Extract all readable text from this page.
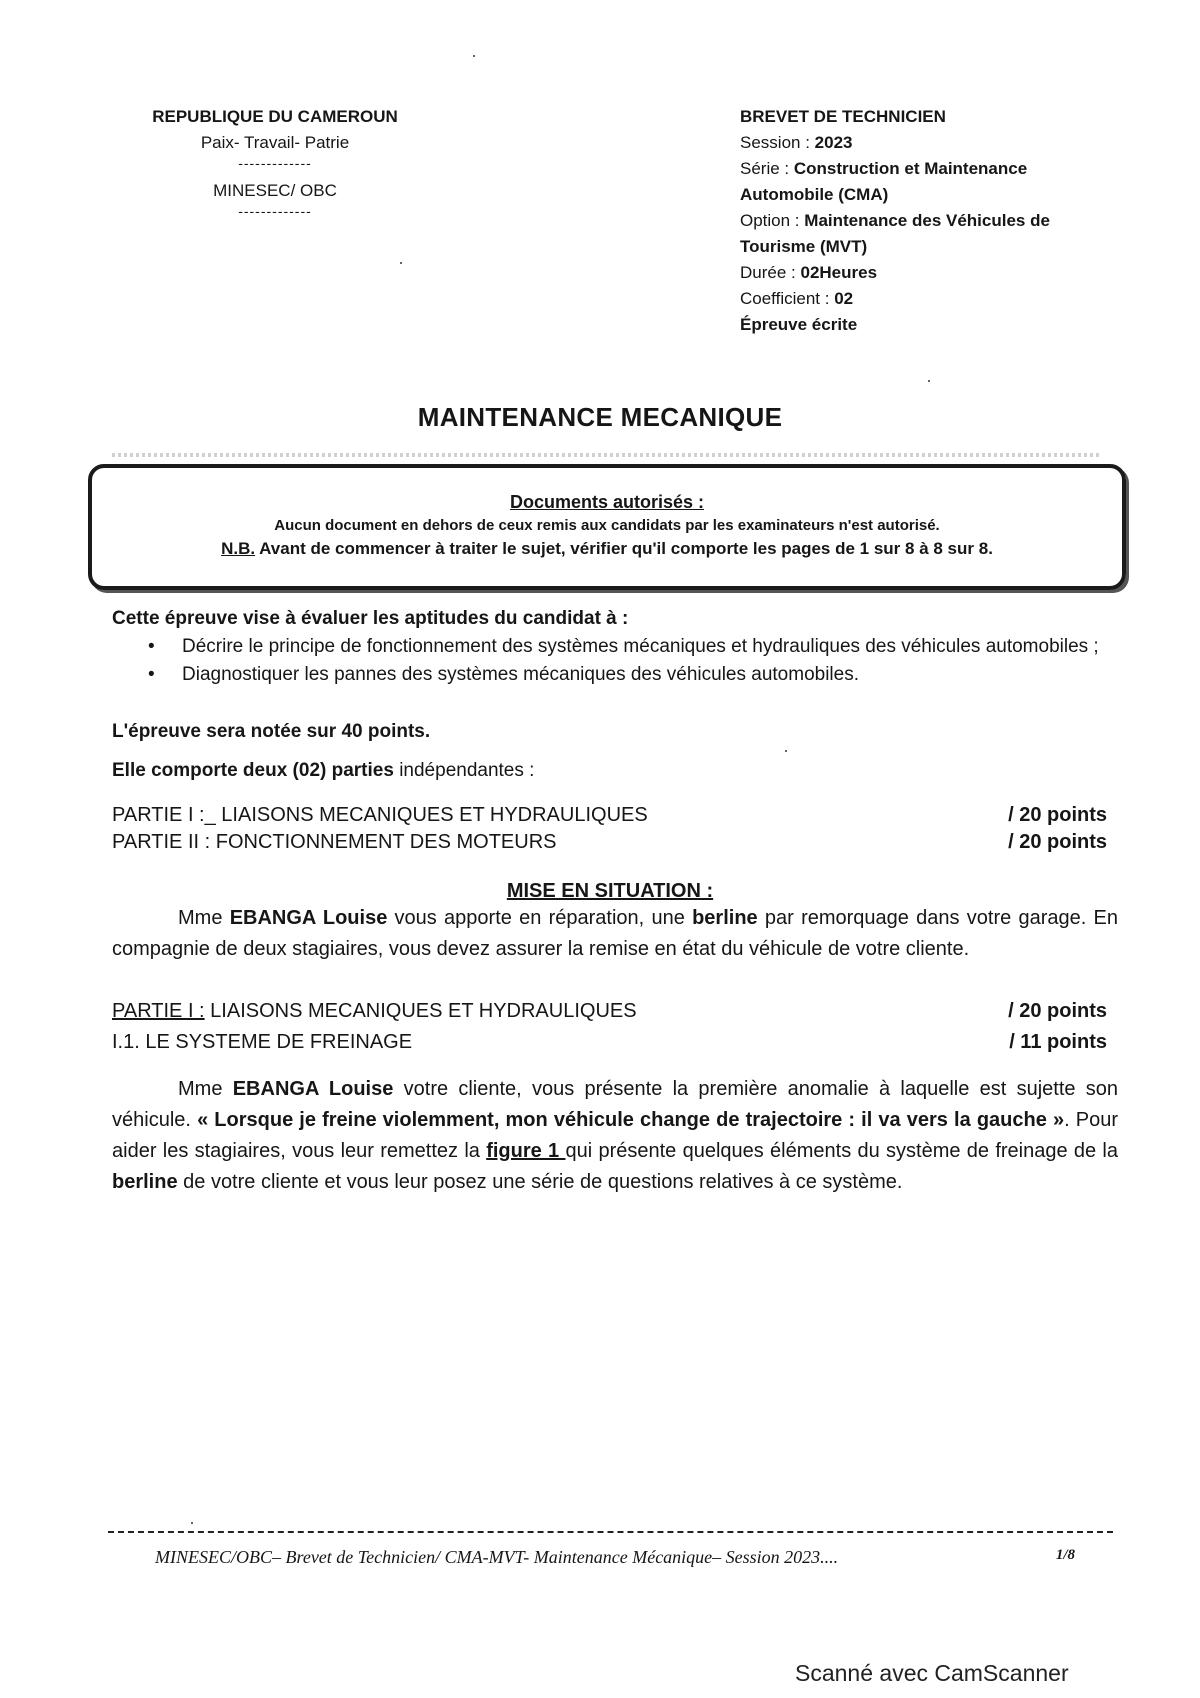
REPUBLIQUE DU CAMEROUN
Paix- Travail- Patrie
-------------
MINESEC/ OBC
-------------
BREVET DE TECHNICIEN
Session : 2023
Série : Construction et Maintenance Automobile (CMA)
Option : Maintenance des Véhicules de Tourisme (MVT)
Durée : 02Heures
Coefficient : 02
Épreuve écrite
MAINTENANCE MECANIQUE
Documents autorisés :
Aucun document en dehors de ceux remis aux candidats par les examinateurs n'est autorisé.
N.B. Avant de commencer à traiter le sujet, vérifier qu'il comporte les pages de 1 sur 8 à 8 sur 8.
Cette épreuve vise à évaluer les aptitudes du candidat à :
• Décrire le principe de fonctionnement des systèmes mécaniques et hydrauliques des véhicules automobiles ;
• Diagnostiquer les pannes des systèmes mécaniques des véhicules automobiles.
L'épreuve sera notée sur 40 points.
Elle comporte deux (02) parties indépendantes :
PARTIE I :_ LIAISONS MECANIQUES ET HYDRAULIQUES	/ 20 points
PARTIE II : FONCTIONNEMENT DES MOTEURS	/ 20 points
MISE EN SITUATION :
Mme EBANGA Louise vous apporte en réparation, une berline par remorquage dans votre garage. En compagnie de deux stagiaires, vous devez assurer la remise en état du véhicule de votre cliente.
PARTIE I : LIAISONS MECANIQUES ET HYDRAULIQUES	/ 20 points
I.1. LE SYSTEME DE FREINAGE	/ 11 points
Mme EBANGA Louise votre cliente, vous présente la première anomalie à laquelle est sujette son véhicule. « Lorsque je freine violemment, mon véhicule change de trajectoire : il va vers la gauche ». Pour aider les stagiaires, vous leur remettez la figure 1 qui présente quelques éléments du système de freinage de la berline de votre cliente et vous leur posez une série de questions relatives à ce système.
MINESEC/OBC– Brevet de Technicien/ CMA-MVT- Maintenance Mécanique– Session 2023....	1/8
Scanné avec CamScanner
